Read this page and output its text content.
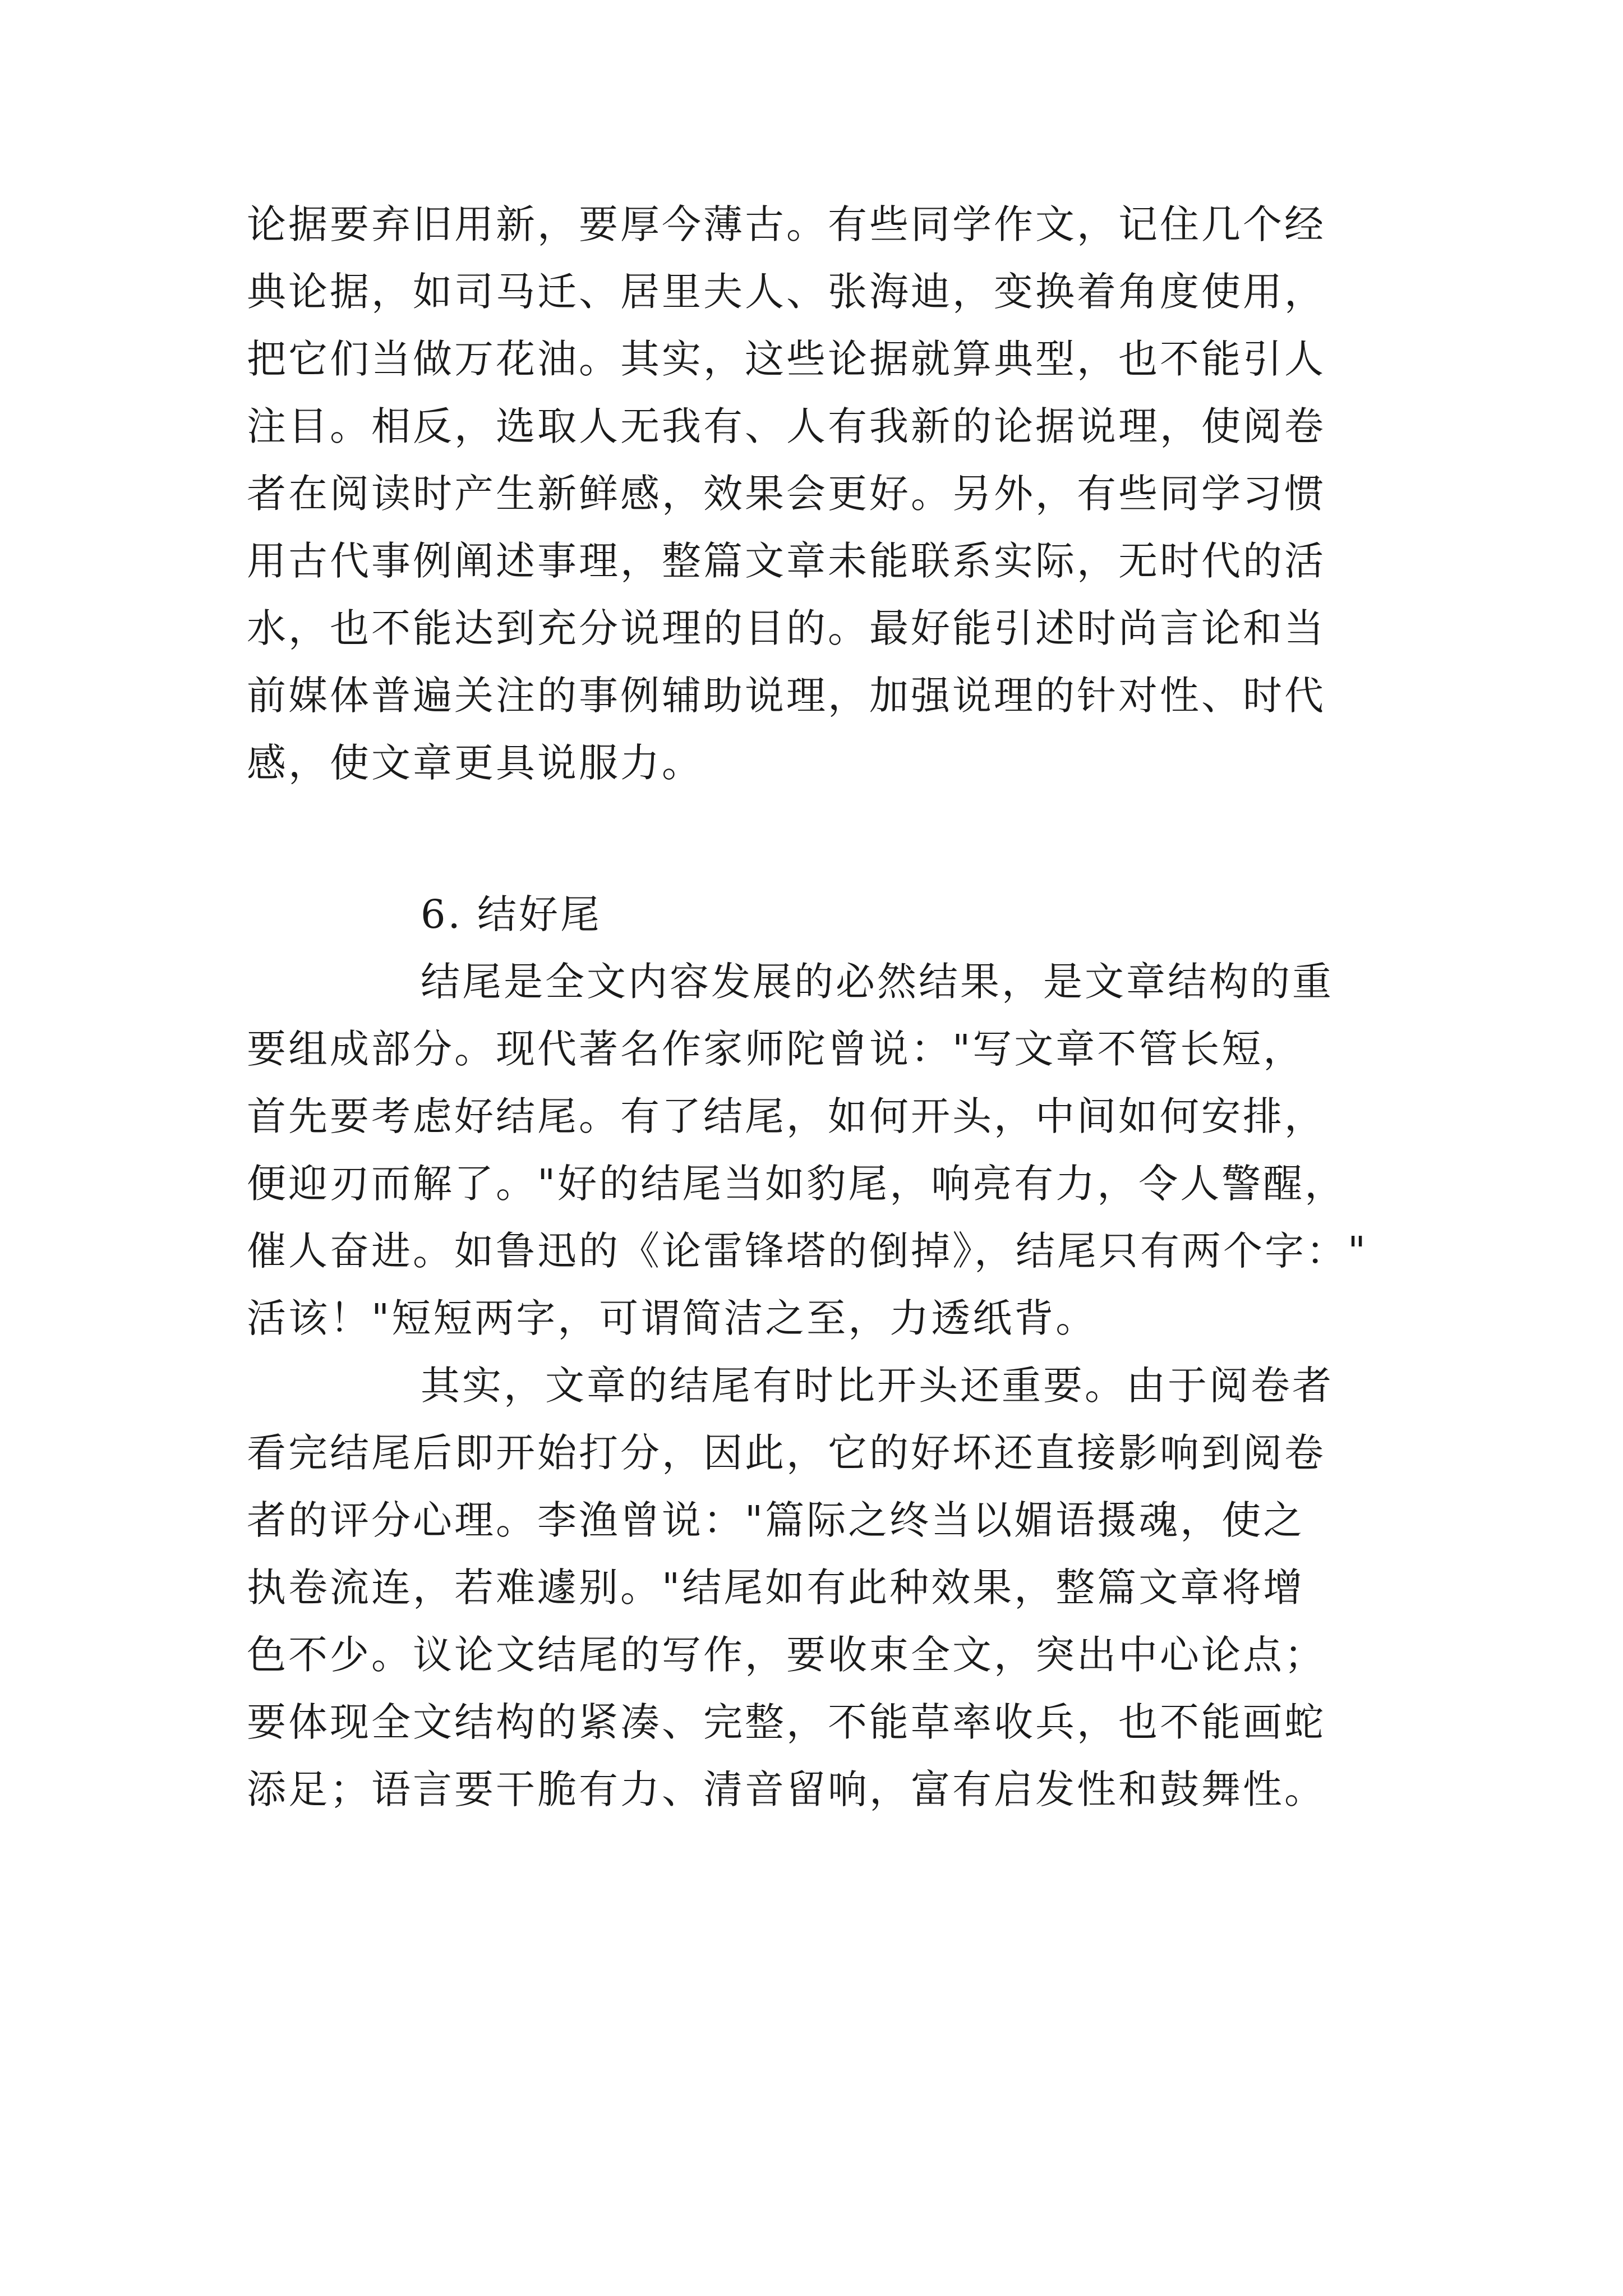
论据要弃旧用新，要厚今薄古。有些同学作文，记住几个经
典论据，如司马迁、居里夫人、张海迪，变换着角度使用，
把它们当做万花油。其实，这些论据就算典型，也不能引人
注目。相反，选取人无我有、人有我新的论据说理，使阅卷
者在阅读时产生新鲜感，效果会更好。另外，有些同学习惯
用古代事例阐述事理，整篇文章未能联系实际，无时代的活
水，也不能达到充分说理的目的。最好能引述时尚言论和当
前媒体普遍关注的事例辅助说理，加强说理的针对性、时代
感，使文章更具说服力。
6. 结好尾
结尾是全文内容发展的必然结果，是文章结构的重
要组成部分。现代著名作家师陀曾说："写文章不管长短，
首先要考虑好结尾。有了结尾，如何开头，中间如何安排，
便迎刃而解了。"好的结尾当如豹尾，响亮有力，令人警醒，
催人奋进。如鲁迅的《论雷锋塔的倒掉》，结尾只有两个字："
活该！"短短两字，可谓简洁之至，力透纸背。
其实，文章的结尾有时比开头还重要。由于阅卷者
看完结尾后即开始打分，因此，它的好坏还直接影响到阅卷
者的评分心理。李渔曾说："篇际之终当以媚语摄魂，使之
执卷流连，若难遽别。"结尾如有此种效果，整篇文章将增
色不少。议论文结尾的写作，要收束全文，突出中心论点；
要体现全文结构的紧凑、完整，不能草率收兵，也不能画蛇
添足；语言要干脆有力、清音留响，富有启发性和鼓舞性。
